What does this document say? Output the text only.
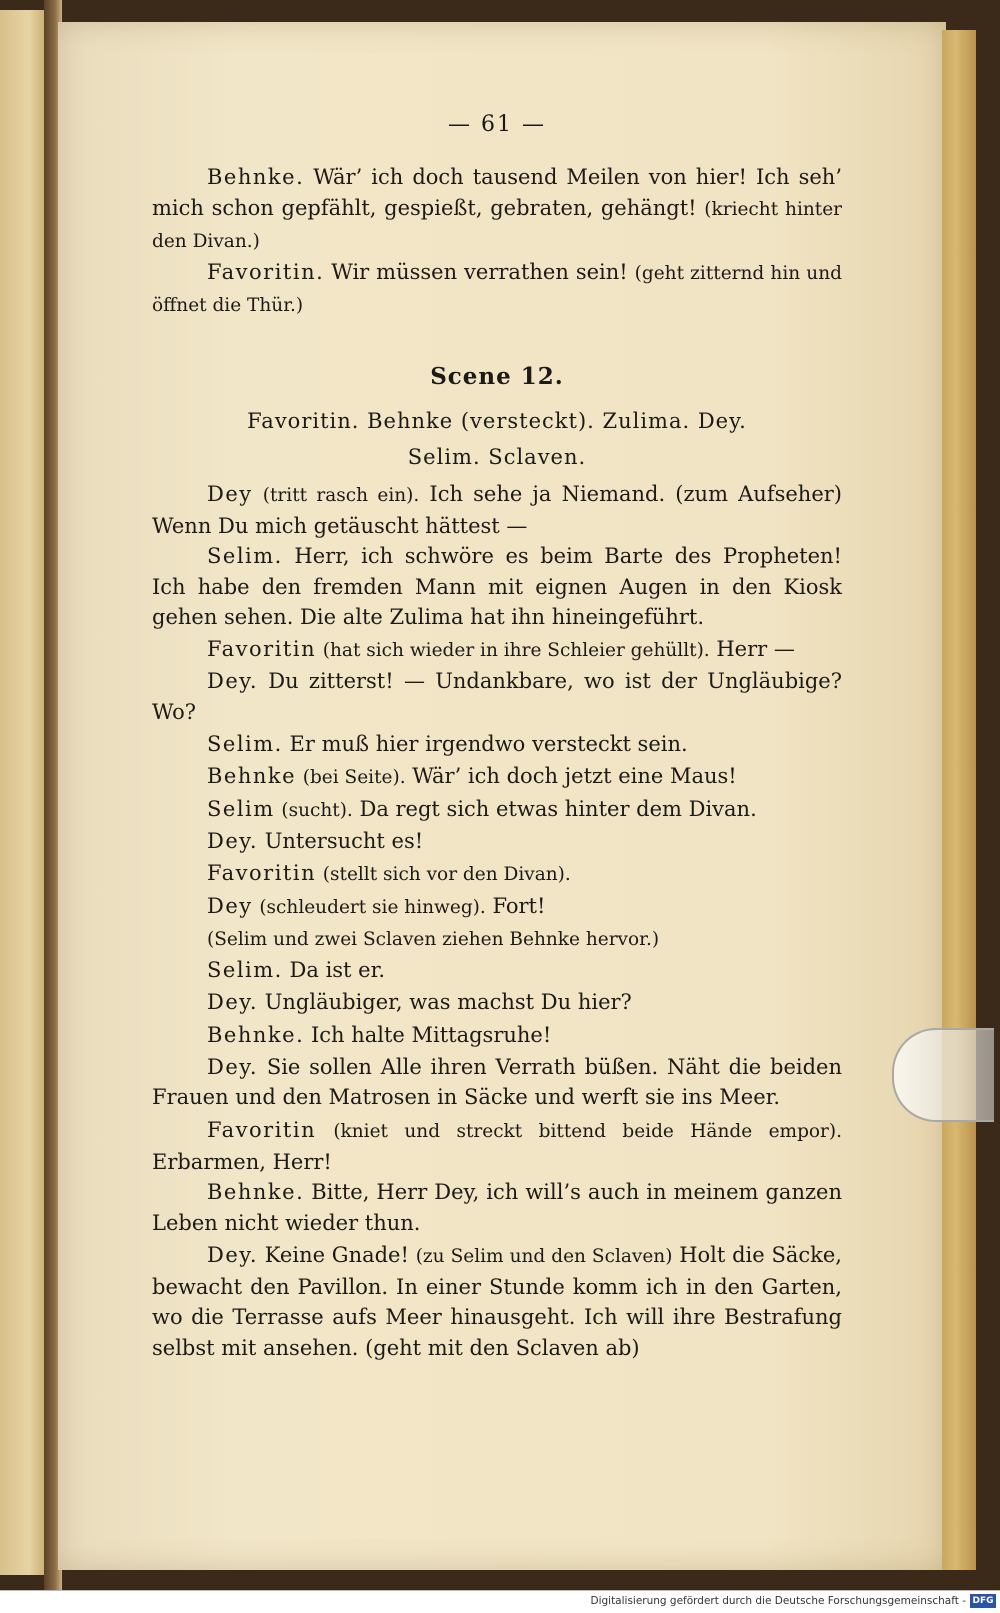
— 61 —

Behnke. Wär’ ich doch tausend Meilen von hier! Ich seh’ mich schon gepfählt, gespießt, gebraten, gehängt! (kriecht hinter den Divan.)

Favoritin. Wir müssen verrathen sein! (geht zitternd hin und öffnet die Thür.)

Scene 12.
Favoritin. Behnke (versteckt). Zulima. Dey.
Selim. Sclaven.

Dey (tritt rasch ein). Ich sehe ja Niemand. (zum Aufseher) Wenn Du mich getäuscht hättest —

Selim. Herr, ich schwöre es beim Barte des Propheten! Ich habe den fremden Mann mit eignen Augen in den Kiosk gehen sehen. Die alte Zulima hat ihn hineingeführt.

Favoritin (hat sich wieder in ihre Schleier gehüllt). Herr —

Dey. Du zitterst! — Undankbare, wo ist der Ungläubige? Wo?

Selim. Er muß hier irgendwo versteckt sein.

Behnke (bei Seite). Wär’ ich doch jetzt eine Maus!

Selim (sucht). Da regt sich etwas hinter dem Divan.

Dey. Untersucht es!

Favoritin (stellt sich vor den Divan).

Dey (schleudert sie hinweg). Fort!

(Selim und zwei Sclaven ziehen Behnke hervor.)

Selim. Da ist er.

Dey. Ungläubiger, was machst Du hier?

Behnke. Ich halte Mittagsruhe!

Dey. Sie sollen Alle ihren Verrath büßen. Näht die beiden Frauen und den Matrosen in Säcke und werft sie ins Meer.

Favoritin (kniet und streckt bittend beide Hände empor). Erbarmen, Herr!

Behnke. Bitte, Herr Dey, ich will’s auch in meinem ganzen Leben nicht wieder thun.

Dey. Keine Gnade! (zu Selim und den Sclaven) Holt die Säcke, bewacht den Pavillon. In einer Stunde komm ich in den Garten, wo die Terrasse aufs Meer hinausgeht. Ich will ihre Bestrafung selbst mit ansehen. (geht mit den Sclaven ab)

Digitalisierung gefördert durch die Deutsche Forschungsgemeinschaft - DFG
